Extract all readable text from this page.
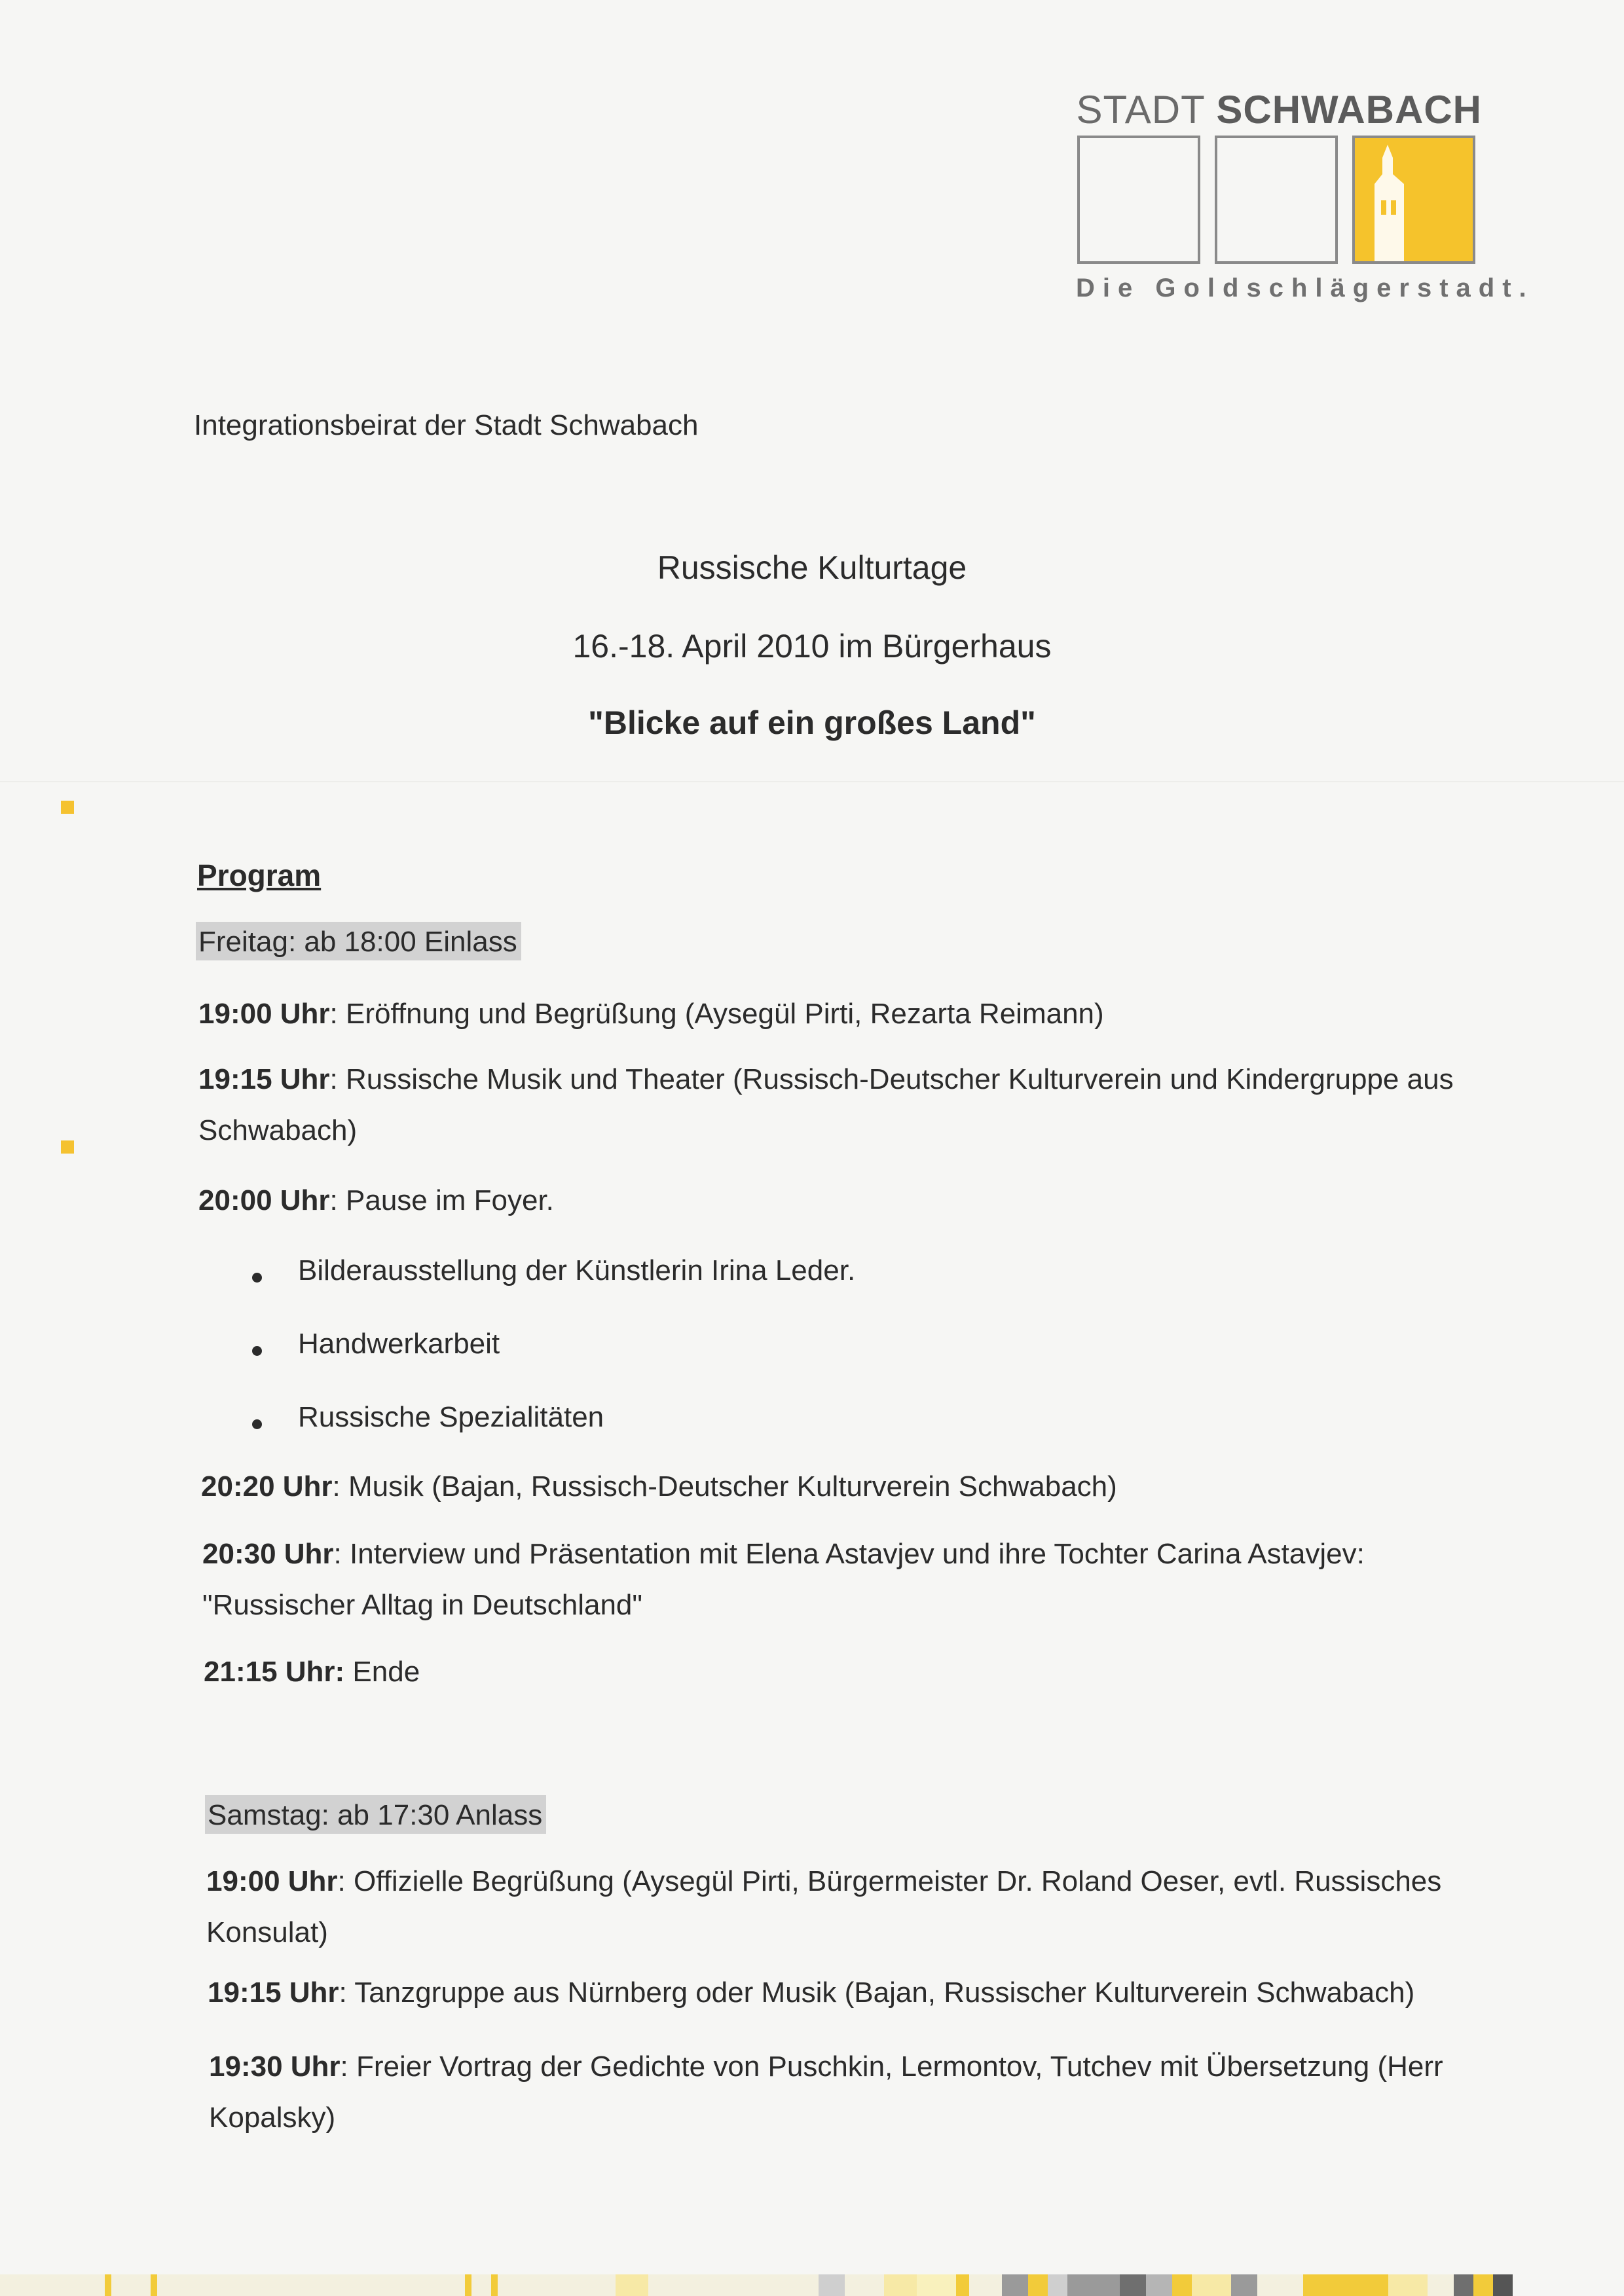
STADT SCHWABACH
Die Goldschlägerstadt.
Integrationsbeirat der Stadt Schwabach
Russische Kulturtage
16.-18. April 2010 im Bürgerhaus
"Blicke auf ein großes Land"
Program
Freitag: ab 18:00 Einlass
19:00 Uhr: Eröffnung und Begrüßung (Aysegül Pirti, Rezarta Reimann)
19:15 Uhr: Russische Musik und Theater (Russisch-Deutscher Kulturverein und Kindergruppe aus
Schwabach)
20:00 Uhr: Pause im Foyer.
Bilderausstellung der Künstlerin Irina Leder.
Handwerkarbeit
Russische Spezialitäten
20:20 Uhr: Musik (Bajan, Russisch-Deutscher Kulturverein Schwabach)
20:30 Uhr: Interview und Präsentation mit Elena Astavjev und ihre Tochter Carina Astavjev:
"Russischer Alltag in Deutschland"
21:15 Uhr: Ende
Samstag: ab 17:30 Anlass
19:00 Uhr: Offizielle Begrüßung (Aysegül Pirti, Bürgermeister Dr. Roland Oeser, evtl. Russisches
Konsulat)
19:15 Uhr: Tanzgruppe aus Nürnberg oder Musik (Bajan, Russischer Kulturverein Schwabach)
19:30 Uhr: Freier Vortrag der Gedichte von Puschkin, Lermontov, Tutchev mit Übersetzung (Herr
Kopalsky)
